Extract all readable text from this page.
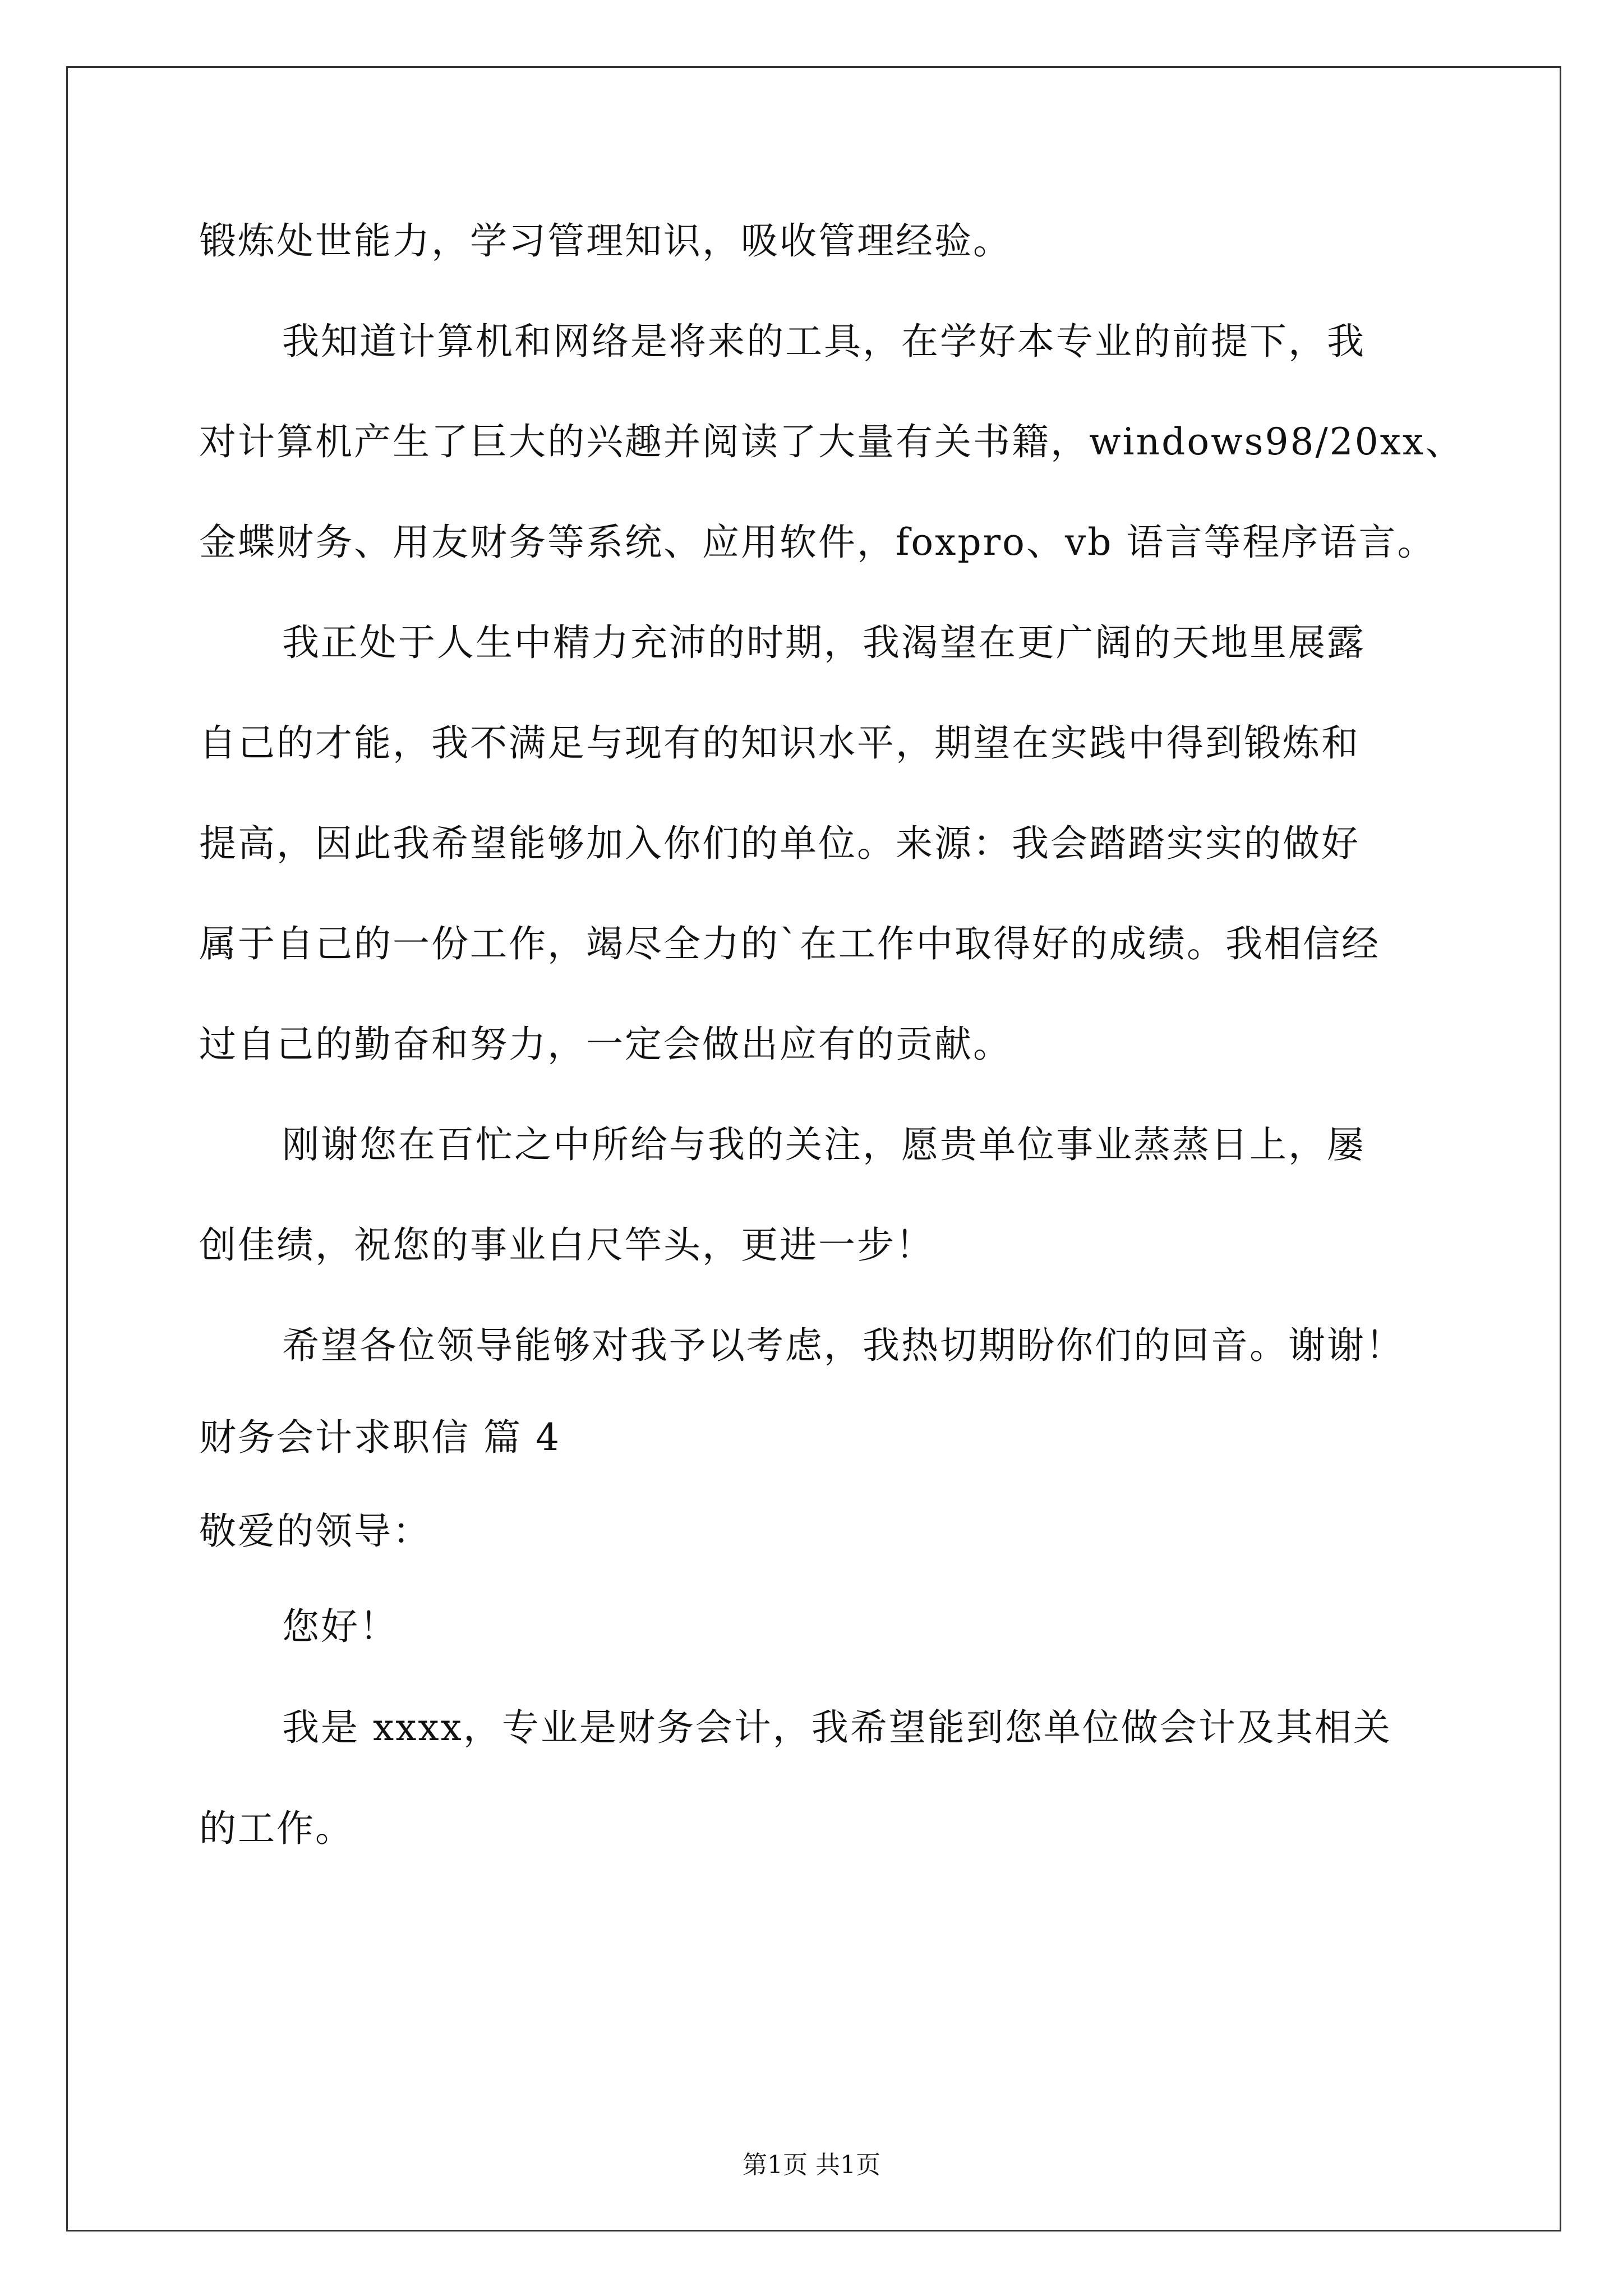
锻炼处世能力，学习管理知识，吸收管理经验。
我知道计算机和网络是将来的工具，在学好本专业的前提下，我
对计算机产生了巨大的兴趣并阅读了大量有关书籍，windows98/20xx、
金蝶财务、用友财务等系统、应用软件，foxpro、vb 语言等程序语言。
我正处于人生中精力充沛的时期，我渴望在更广阔的天地里展露
自己的才能，我不满足与现有的知识水平，期望在实践中得到锻炼和
提高，因此我希望能够加入你们的单位。来源：我会踏踏实实的做好
属于自己的一份工作，竭尽全力的`在工作中取得好的成绩。我相信经
过自己的勤奋和努力，一定会做出应有的贡献。
刚谢您在百忙之中所给与我的关注，愿贵单位事业蒸蒸日上，屡
创佳绩，祝您的事业白尺竿头，更进一步！
希望各位领导能够对我予以考虑，我热切期盼你们的回音。谢谢！
财务会计求职信 篇 4
敬爱的领导：
您好！
我是 xxxx，专业是财务会计，我希望能到您单位做会计及其相关
的工作。
第1页 共1页
